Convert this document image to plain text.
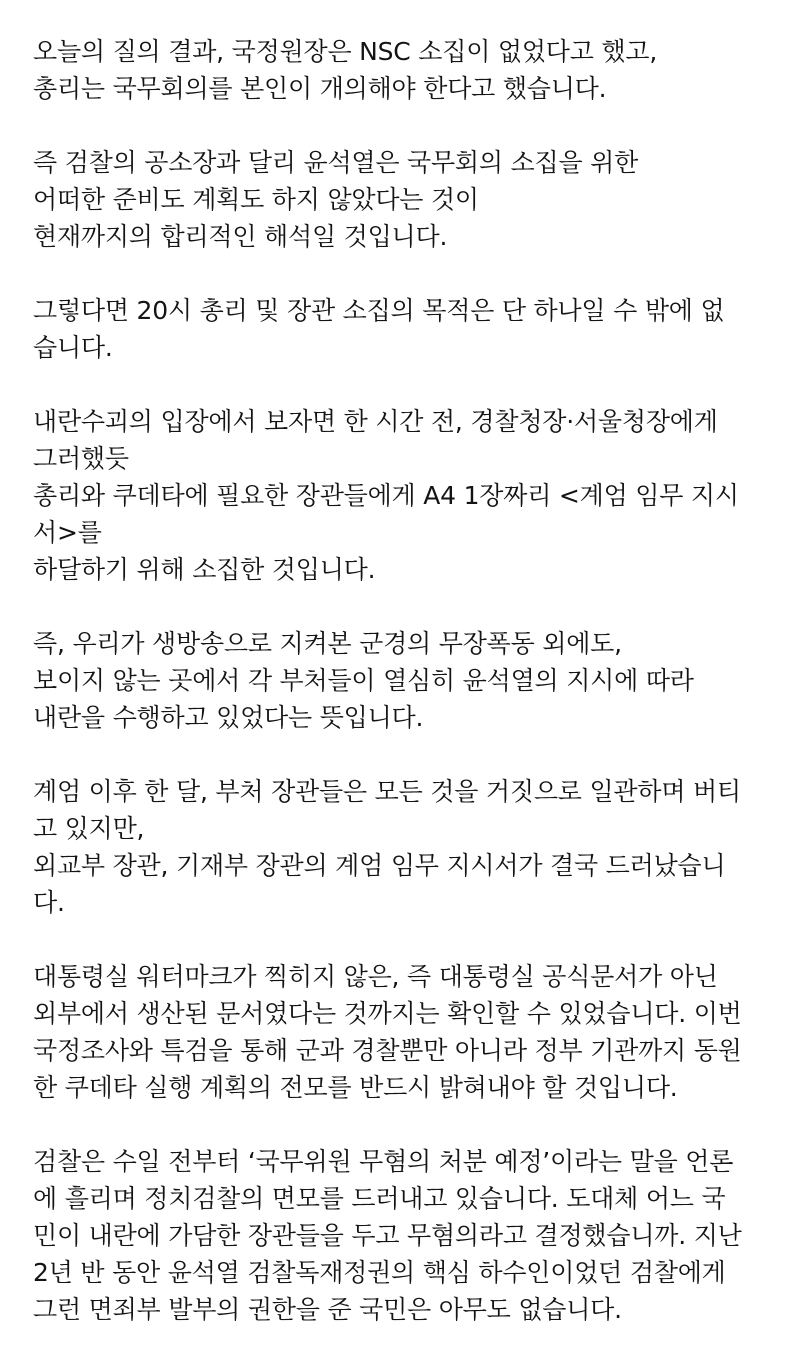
오늘의 질의 결과, 국정원장은 NSC 소집이 없었다고 했고,
총리는 국무회의를 본인이 개의해야 한다고 했습니다.
즉 검찰의 공소장과 달리 윤석열은 국무회의 소집을 위한
어떠한 준비도 계획도 하지 않았다는 것이
현재까지의 합리적인 해석일 것입니다.
그렇다면 20시 총리 및 장관 소집의 목적은 단 하나일 수 밖에 없
습니다.
내란수괴의 입장에서 보자면 한 시간 전, 경찰청장·서울청장에게
그러했듯
총리와 쿠데타에 필요한 장관들에게 A4 1장짜리 <계엄 임무 지시
서>를
하달하기 위해 소집한 것입니다.
즉, 우리가 생방송으로 지켜본 군경의 무장폭동 외에도,
보이지 않는 곳에서 각 부처들이 열심히 윤석열의 지시에 따라
내란을 수행하고 있었다는 뜻입니다.
계엄 이후 한 달, 부처 장관들은 모든 것을 거짓으로 일관하며 버티
고 있지만,
외교부 장관, 기재부 장관의 계엄 임무 지시서가 결국 드러났습니
다.
대통령실 워터마크가 찍히지 않은, 즉 대통령실 공식문서가 아닌
외부에서 생산된 문서였다는 것까지는 확인할 수 있었습니다. 이번
국정조사와 특검을 통해 군과 경찰뿐만 아니라 정부 기관까지 동원
한 쿠데타 실행 계획의 전모를 반드시 밝혀내야 할 것입니다.
검찰은 수일 전부터 ‘국무위원 무혐의 처분 예정’이라는 말을 언론
에 흘리며 정치검찰의 면모를 드러내고 있습니다. 도대체 어느 국
민이 내란에 가담한 장관들을 두고 무혐의라고 결정했습니까. 지난
2년 반 동안 윤석열 검찰독재정권의 핵심 하수인이었던 검찰에게
그런 면죄부 발부의 권한을 준 국민은 아무도 없습니다.
